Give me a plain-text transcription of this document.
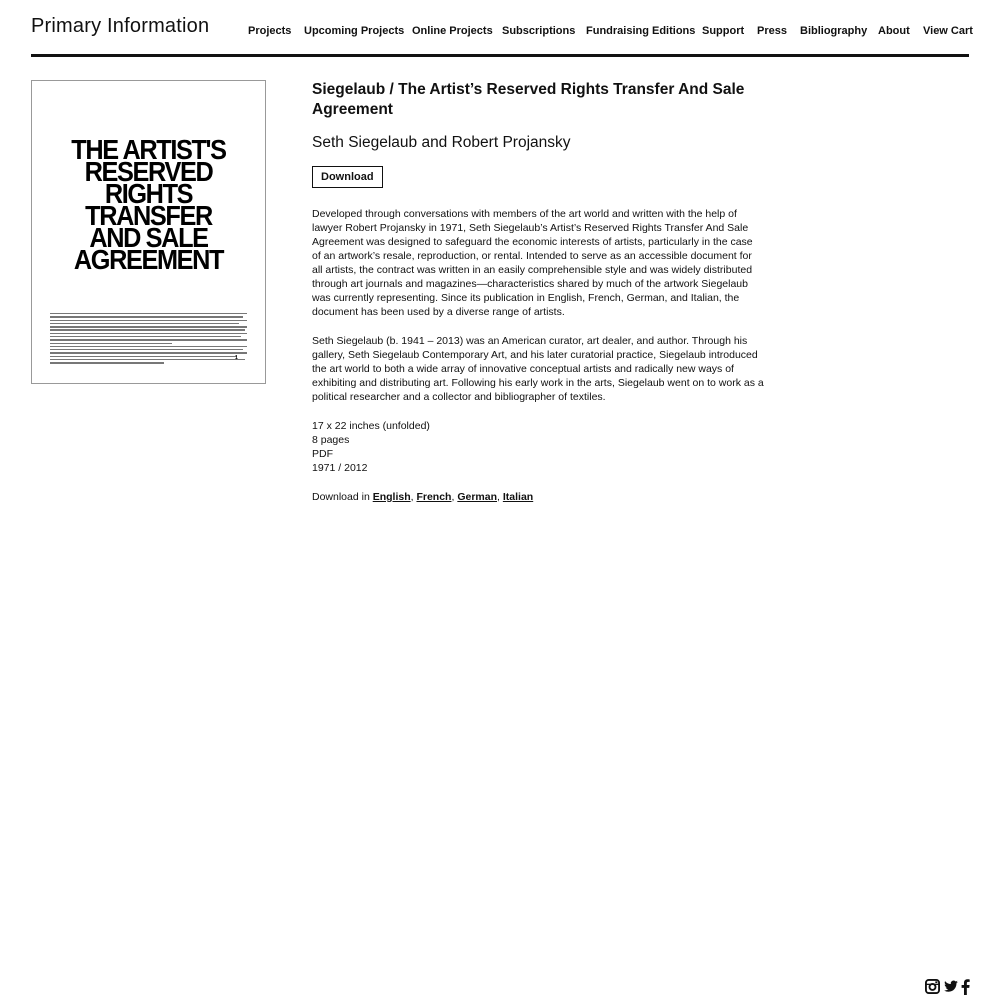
Primary Information	Projects Upcoming Projects Online Projects Subscriptions Fundraising Editions Support Press Bibliography About View Cart
THE ARTIST'S
RESERVED
RIGHTS
TRANSFER
AND SALE
AGREEMENT
1
Siegelaub / The Artist’s Reserved Rights Transfer And Sale Agreement
Seth Siegelaub and Robert Projansky
Download

Developed through conversations with members of the art world and written with the help of lawyer Robert Projansky in 1971, Seth Siegelaub’s Artist’s Reserved Rights Transfer And Sale Agreement was designed to safeguard the economic interests of artists, particularly in the case of an artwork’s resale, reproduction, or rental. Intended to serve as an accessible document for all artists, the contract was written in an easily comprehensible style and was widely distributed through art journals and magazines—characteristics shared by much of the artwork Siegelaub was currently representing. Since its publication in English, French, German, and Italian, the document has been used by a diverse range of artists.

Seth Siegelaub (b. 1941 – 2013) was an American curator, art dealer, and author. Through his gallery, Seth Siegelaub Contemporary Art, and his later curatorial practice, Siegelaub introduced the art world to both a wide array of innovative conceptual artists and radically new ways of exhibiting and distributing art. Following his early work in the arts, Siegelaub went on to work as a political researcher and a collector and bibliographer of textiles.

17 x 22 inches (unfolded)
8 pages
PDF
1971 / 2012

Download in English, French, German, Italian
